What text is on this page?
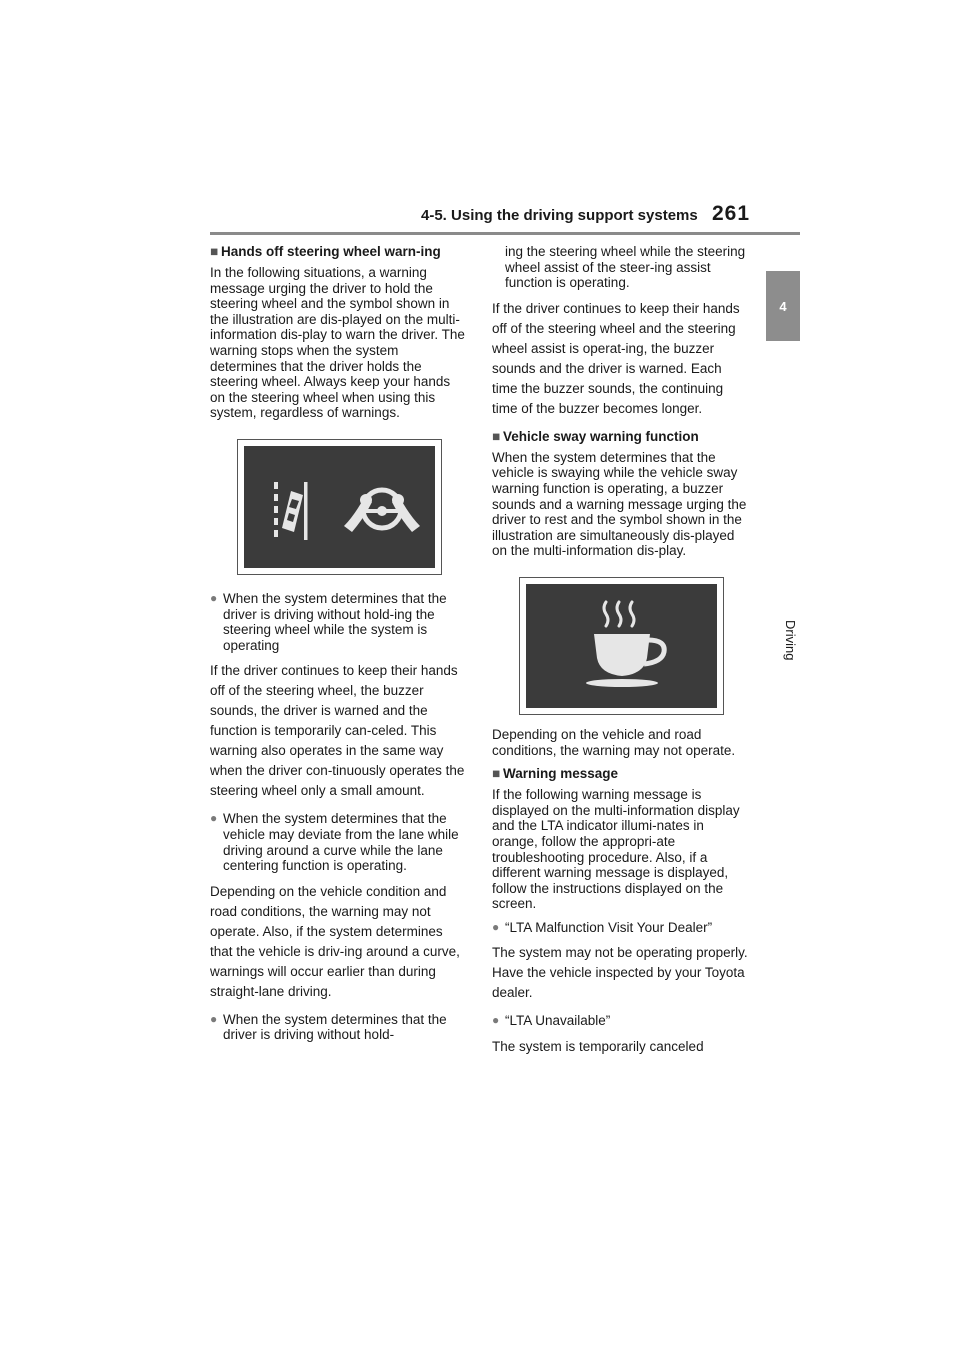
4-5. Using the driving support systems 261
4
Driving
■ Hands off steering wheel warn-ing

In the following situations, a warning message urging the driver to hold the steering wheel and the symbol shown in the illustration are dis-played on the multi-information dis-play to warn the driver. The warning stops when the system determines that the driver holds the steering wheel. Always keep your hands on the steering wheel when using this system, regardless of warnings.

● When the system determines that the driver is driving without hold-ing the steering wheel while the system is operating

If the driver continues to keep their hands off of the steering wheel, the buzzer sounds, the driver is warned and the function is temporarily can-celed. This warning also operates in the same way when the driver con-tinuously operates the steering wheel only a small amount.

● When the system determines that the vehicle may deviate from the lane while driving around a curve while the lane centering function is operating.

Depending on the vehicle condition and road conditions, the warning may not operate. Also, if the system determines that the vehicle is driv-ing around a curve, warnings will occur earlier than during straight-lane driving.

● When the system determines that the driver is driving without hold-

ing the steering wheel while the steering wheel assist of the steer-ing assist function is operating.

If the driver continues to keep their hands off of the steering wheel and the steering wheel assist is operat-ing, the buzzer sounds and the driver is warned. Each time the buzzer sounds, the continuing time of the buzzer becomes longer.

■ Vehicle sway warning function

When the system determines that the vehicle is swaying while the vehicle sway warning function is operating, a buzzer sounds and a warning message urging the driver to rest and the symbol shown in the illustration are simultaneously dis-played on the multi-information dis-play.

Depending on the vehicle and road conditions, the warning may not operate.

■ Warning message

If the following warning message is displayed on the multi-information display and the LTA indicator illumi-nates in orange, follow the appropri-ate troubleshooting procedure. Also, if a different warning message is displayed, follow the instructions displayed on the screen.

● “LTA Malfunction Visit Your Dealer”

The system may not be operating properly. Have the vehicle inspected by your Toyota dealer.

● “LTA Unavailable”

The system is temporarily canceled
